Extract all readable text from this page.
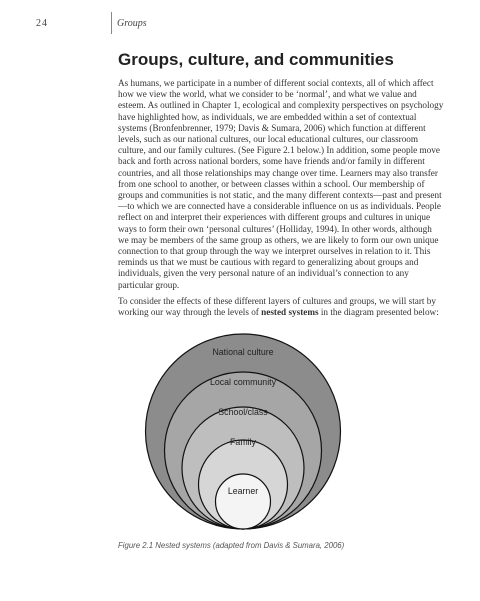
24	Groups
Groups, culture, and communities

As humans, we participate in a number of different social contexts, all of which affect how we view the world, what we consider to be ‘normal’, and what we value and esteem. As outlined in Chapter 1, ecological and complexity perspectives on psychology have highlighted how, as individuals, we are embedded within a set of contextual systems (Bronfenbrenner, 1979; Davis & Sumara, 2006) which function at different levels, such as our national cultures, our local educational cultures, our classroom culture, and our family cultures. (See Figure 2.1 below.) In addition, some people move back and forth across national borders, some have friends and/or family in different countries, and all those relationships may change over time. Learners may also transfer from one school to another, or between classes within a school. Our membership of groups and communities is not static, and the many different contexts—past and present—to which we are connected have a considerable influence on us as individuals. People reflect on and interpret their experiences with different groups and cultures in unique ways to form their own ‘personal cultures’ (Holliday, 1994). In other words, although we may be members of the same group as others, we are likely to form our own unique connection to that group through the way we interpret ourselves in relation to it. This reminds us that we must be cautious with regard to generalizing about groups and individuals, given the very personal nature of an individual’s connection to any particular group.

To consider the effects of these different layers of cultures and groups, we will start by working our way through the levels of nested systems in the diagram presented below:

National culture
Local community
School/class
Family
Learner
Figure 2.1 Nested systems (adapted from Davis & Sumara, 2006)
